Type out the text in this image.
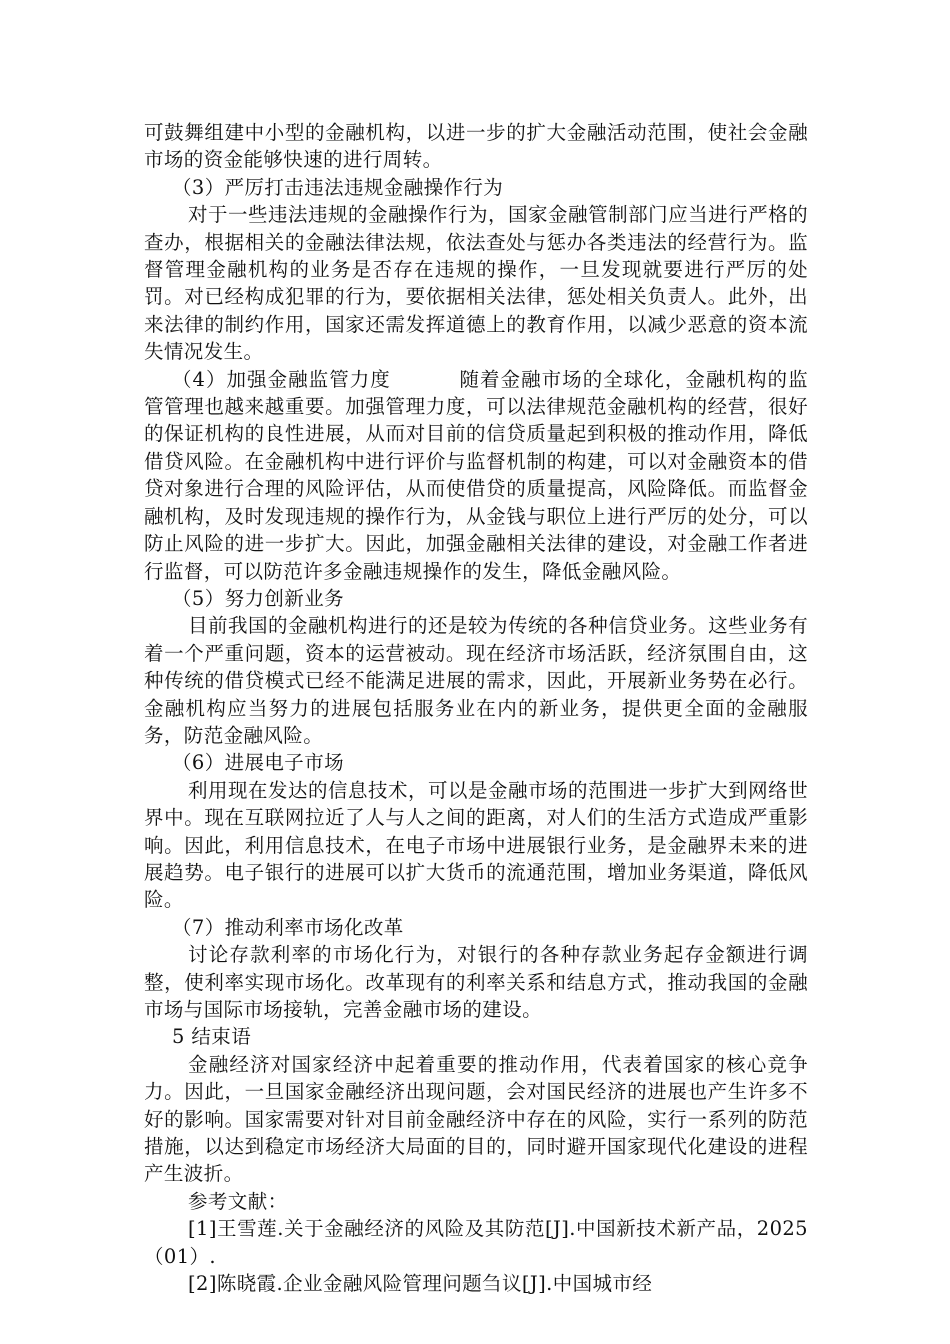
可鼓舞组建中小型的金融机构，以进一步的扩大金融活动范围，使社会金融市场的资金能够快速的进行周转。

（3）严厉打击违法违规金融操作行为

对于一些违法违规的金融操作行为，国家金融管制部门应当进行严格的查办，根据相关的金融法律法规，依法查处与惩办各类违法的经营行为。监督管理金融机构的业务是否存在违规的操作，一旦发现就要进行严厉的处罚。对已经构成犯罪的行为，要依据相关法律，惩处相关负责人。此外，出来法律的制约作用，国家还需发挥道德上的教育作用，以减少恶意的资本流失情况发生。

（4）加强金融监管力度	随着金融市场的全球化，金融机构的监管管理也越来越重要。加强管理力度，可以法律规范金融机构的经营，很好的保证机构的良性进展，从而对目前的信贷质量起到积极的推动作用，降低借贷风险。在金融机构中进行评价与监督机制的构建，可以对金融资本的借贷对象进行合理的风险评估，从而使借贷的质量提高，风险降低。而监督金融机构，及时发现违规的操作行为，从金钱与职位上进行严厉的处分，可以防止风险的进一步扩大。因此，加强金融相关法律的建设，对金融工作者进行监督，可以防范许多金融违规操作的发生，降低金融风险。

（5）努力创新业务

目前我国的金融机构进行的还是较为传统的各种信贷业务。这些业务有着一个严重问题，资本的运营被动。现在经济市场活跃，经济氛围自由，这种传统的借贷模式已经不能满足进展的需求，因此，开展新业务势在必行。金融机构应当努力的进展包括服务业在内的新业务，提供更全面的金融服务，防范金融风险。

（6）进展电子市场

利用现在发达的信息技术，可以是金融市场的范围进一步扩大到网络世界中。现在互联网拉近了人与人之间的距离，对人们的生活方式造成严重影响。因此，利用信息技术，在电子市场中进展银行业务，是金融界未来的进展趋势。电子银行的进展可以扩大货币的流通范围，增加业务渠道，降低风险。

（7）推动利率市场化改革

讨论存款利率的市场化行为，对银行的各种存款业务起存金额进行调整，使利率实现市场化。改革现有的利率关系和结息方式，推动我国的金融市场与国际市场接轨，完善金融市场的建设。

5 结束语

金融经济对国家经济中起着重要的推动作用，代表着国家的核心竞争力。因此，一旦国家金融经济出现问题，会对国民经济的进展也产生许多不好的影响。国家需要对针对目前金融经济中存在的风险，实行一系列的防范措施，以达到稳定市场经济大局面的目的，同时避开国家现代化建设的进程产生波折。

参考文献：

[1]王雪莲.关于金融经济的风险及其防范[J].中国新技术新产品，2025（01）.

[2]陈晓霞.企业金融风险管理问题刍议[J].中国城市经
